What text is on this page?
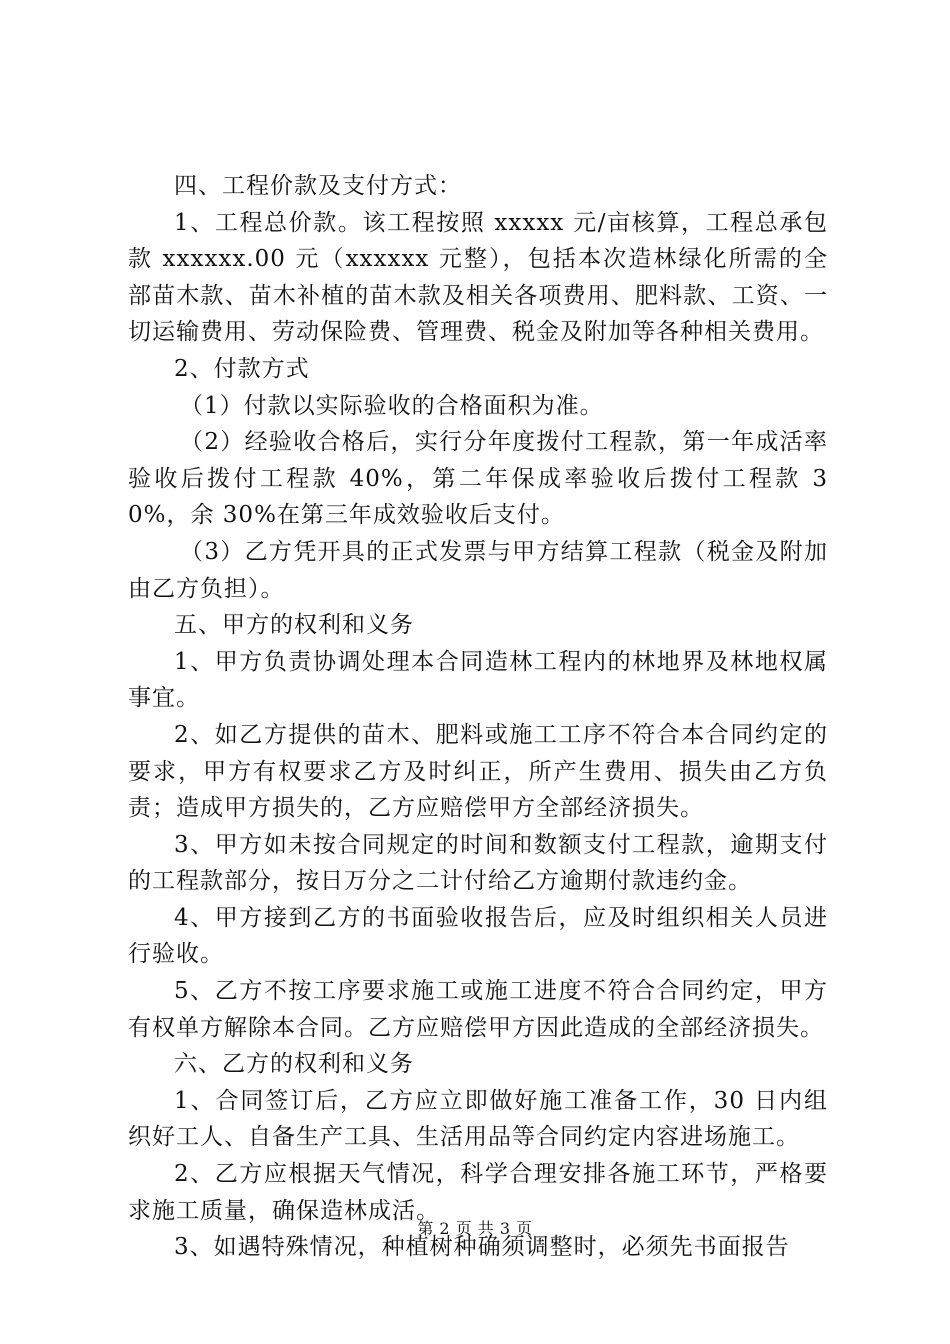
四、工程价款及支付方式：

1、工程总价款。该工程按照 xxxxx 元/亩核算，工程总承包款 xxxxxx.00 元（xxxxxx 元整），包括本次造林绿化所需的全部苗木款、苗木补植的苗木款及相关各项费用、肥料款、工资、一切运输费用、劳动保险费、管理费、税金及附加等各种相关费用。

2、付款方式

（1）付款以实际验收的合格面积为准。

（2）经验收合格后，实行分年度拨付工程款，第一年成活率验收后拨付工程款 40%，第二年保成率验收后拨付工程款 30%，余 30%在第三年成效验收后支付。

（3）乙方凭开具的正式发票与甲方结算工程款（税金及附加由乙方负担）。

五、甲方的权利和义务

1、甲方负责协调处理本合同造林工程内的林地界及林地权属事宜。

2、如乙方提供的苗木、肥料或施工工序不符合本合同约定的要求，甲方有权要求乙方及时纠正，所产生费用、损失由乙方负责；造成甲方损失的，乙方应赔偿甲方全部经济损失。

3、甲方如未按合同规定的时间和数额支付工程款，逾期支付的工程款部分，按日万分之二计付给乙方逾期付款违约金。

4、甲方接到乙方的书面验收报告后，应及时组织相关人员进行验收。

5、乙方不按工序要求施工或施工进度不符合合同约定，甲方有权单方解除本合同。乙方应赔偿甲方因此造成的全部经济损失。

六、乙方的权利和义务

1、合同签订后，乙方应立即做好施工准备工作，30 日内组织好工人、自备生产工具、生活用品等合同约定内容进场施工。

2、乙方应根据天气情况，科学合理安排各施工环节，严格要求施工质量，确保造林成活。

3、如遇特殊情况，种植树种确须调整时，必须先书面报告

第 2 页 共 3 页
